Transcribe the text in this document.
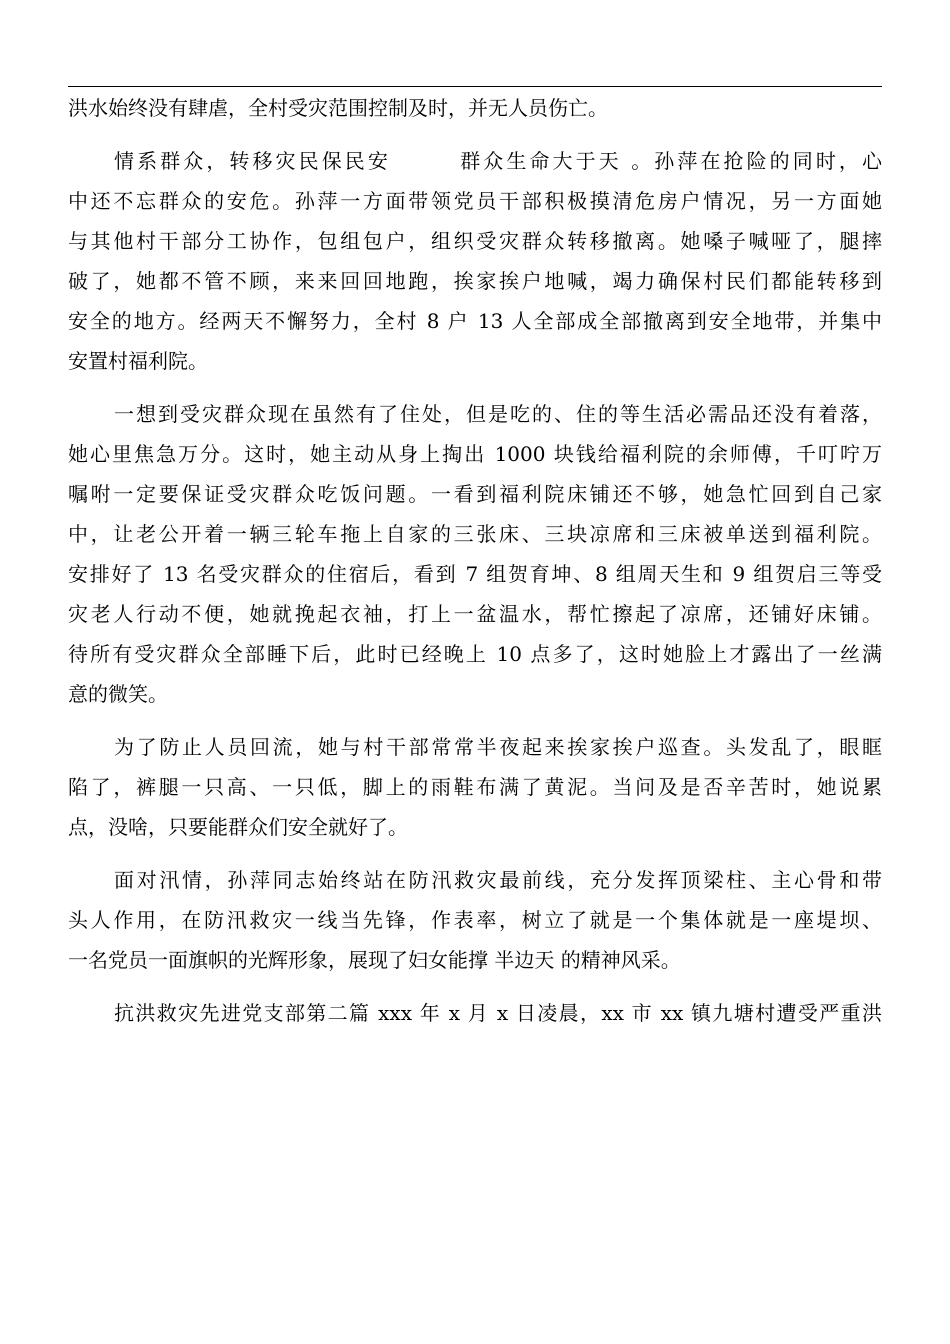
洪水始终没有肆虐，全村受灾范围控制及时，并无人员伤亡。
情系群众，转移灾民保民安　　　群众生命大于天 。孙萍在抢险的同时，心
中还不忘群众的安危。孙萍一方面带领党员干部积极摸清危房户情况，另一方面她
与其他村干部分工协作，包组包户，组织受灾群众转移撤离。她嗓子喊哑了，腿摔
破了，她都不管不顾，来来回回地跑，挨家挨户地喊，竭力确保村民们都能转移到
安全的地方。经两天不懈努力，全村 8 户 13 人全部成全部撤离到安全地带，并集中
安置村福利院。
一想到受灾群众现在虽然有了住处，但是吃的、住的等生活必需品还没有着落，
她心里焦急万分。这时，她主动从身上掏出 1000 块钱给福利院的余师傅，千叮咛万
嘱咐一定要保证受灾群众吃饭问题。一看到福利院床铺还不够，她急忙回到自己家
中，让老公开着一辆三轮车拖上自家的三张床、三块凉席和三床被单送到福利院。
安排好了 13 名受灾群众的住宿后，看到 7 组贺育坤、8 组周天生和 9 组贺启三等受
灾老人行动不便，她就挽起衣袖，打上一盆温水，帮忙擦起了凉席，还铺好床铺。
待所有受灾群众全部睡下后，此时已经晚上 10 点多了，这时她脸上才露出了一丝满
意的微笑。
为了防止人员回流，她与村干部常常半夜起来挨家挨户巡查。头发乱了，眼眶
陷了，裤腿一只高、一只低，脚上的雨鞋布满了黄泥。当问及是否辛苦时，她说累
点，没啥，只要能群众们安全就好了。
面对汛情，孙萍同志始终站在防汛救灾最前线，充分发挥顶梁柱、主心骨和带
头人作用，在防汛救灾一线当先锋，作表率，树立了就是一个集体就是一座堤坝、
一名党员一面旗帜的光辉形象，展现了妇女能撑 半边天 的精神风采。
抗洪救灾先进党支部第二篇 xxx 年 x 月 x 日凌晨，xx 市 xx 镇九塘村遭受严重洪
